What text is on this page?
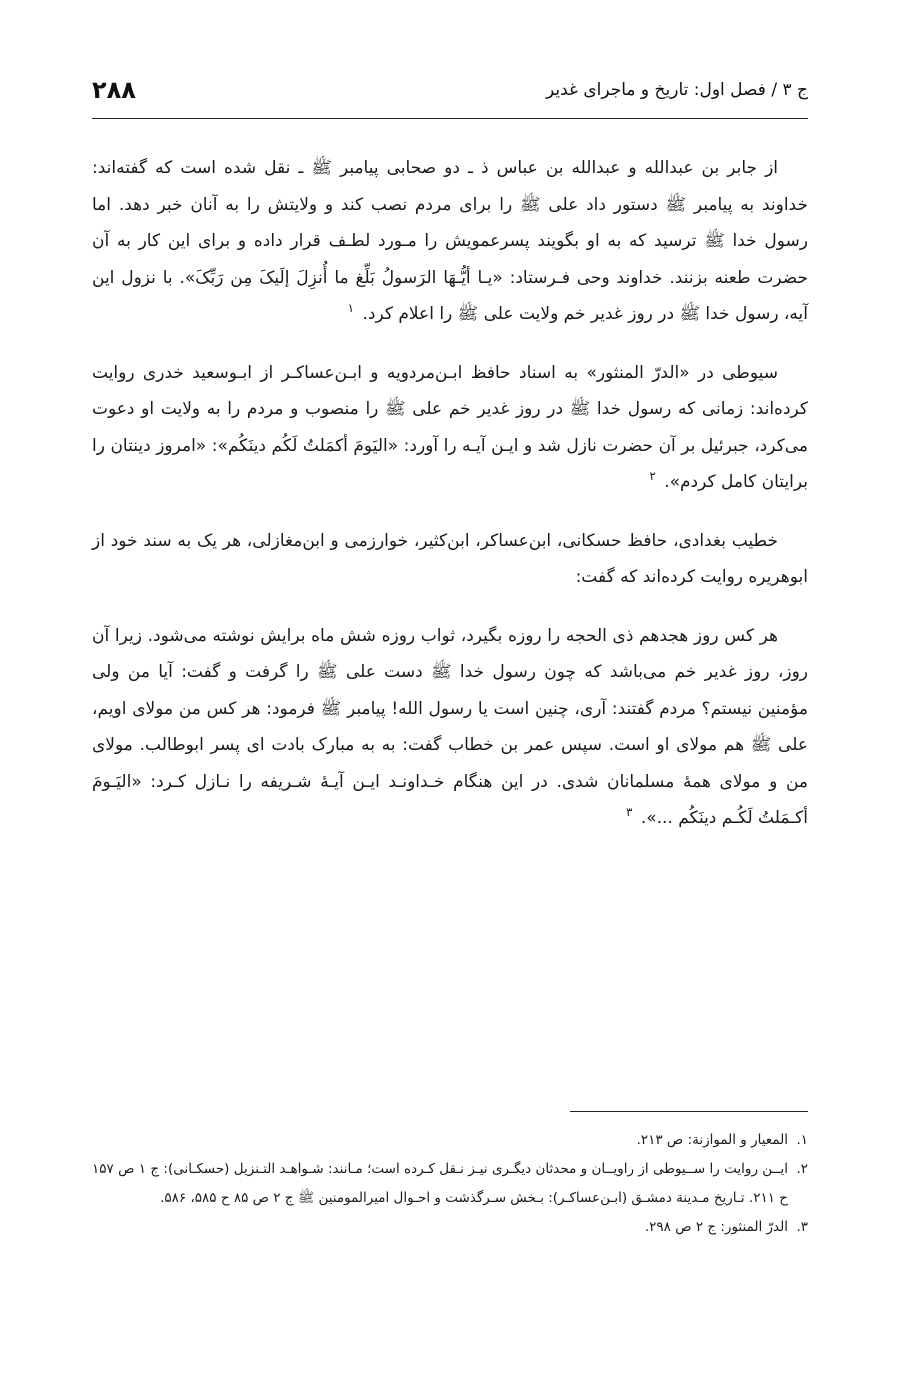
ج ۳ / فصل اول: تاریخ و ماجرای غدیر
۲۸۸

از جابر بن عبدالله و عبدالله بن عباس ذ ـ دو صحابی پیامبر ﷺ ـ نقل شده است که گفته‌اند: خداوند به پیامبر ﷺ دستور داد علی ﷺ را برای مردم نصب کند و ولایتش را به آنان خبر دهد. اما رسول خدا ﷺ ترسید که به او بگویند پسرعمویش را مـورد لطـف قرار داده و برای این کار به آن حضرت طعنه بزنند. خداوند وحی فـرستاد: «یـا أیُّـهَا الرَسولُ بَلِّغ ما أُنزِلَ إلَیکَ مِن رَبِّکَ». با نزول این آیه، رسول خدا ﷺ در روز غدیر خم ولایت علی ﷺ را اعلام کرد. $^۱$

سیوطی در «الدرّ المنثور» به اسناد حافظ ابـن‌مردویه و ابـن‌عساکـر از ابـوسعید خدری روایت کرده‌اند: زمانی که رسول خدا ﷺ در روز غدیر خم علی ﷺ را منصوب و مردم را به ولایت او دعوت می‌کرد، جبرئیل بر آن حضرت نازل شد و ایـن آیـه را آورد: «الیَومَ أکمَلتُ لَکُم دینَکُم»: «امروز دینتان را برایتان کامل کردم». $^۲$

خطیب بغدادی، حافظ حسکانی، ابن‌عساکر، ابن‌کثیر، خوارزمی و ابن‌مغازلی، هر یک به سند خود از ابوهریره روایت کرده‌اند که گفت:

هر کس روز هجدهم ذی الحجه را روزه بگیرد، ثواب روزه شش ماه برایش نوشته می‌شود. زیرا آن روز، روز غدیر خم می‌باشد که چون رسول خدا ﷺ دست علی ﷺ را گرفت و گفت: آیا من ولی مؤمنین نیستم؟ مردم گفتند: آری، چنین است یا رسول الله! پیامبر ﷺ فرمود: هر کس من مولای اویم، علی ﷺ هم مولای او است. سپس عمر بن خطاب گفت: به به مبارک بادت ای پسر ابوطالب. مولای من و مولای همهٔ مسلمانان شدی. در این هنگام خـداونـد ایـن آیـهٔ شـریفه را نـازل کـرد: «الیَـومَ أکـمَلتُ لَکُـم دینَکُم ...». $^۳$

۱.
المعیار و الموازنة: ص ۲۱۳.

۲.
ایــن روایت را ســیوطی از راویــان و محدثان دیگـری نیـز نـقل کـرده است؛ مـانند: شـواهـد التـنزیل (حسکـانی): ج ۱ ص ۱۵۷ ح ۲۱۱. تـاریخ مـدینة دمشـق (ابـن‌عساکـر): بـخش سـرگذشت و احـوال امیرالمومنین ﷺ ج ۲ ص ۸۵ ح ۵۸۵، ۵۸۶.

۳.
الدرّ المنثور: ج ۲ ص ۲۹۸.
